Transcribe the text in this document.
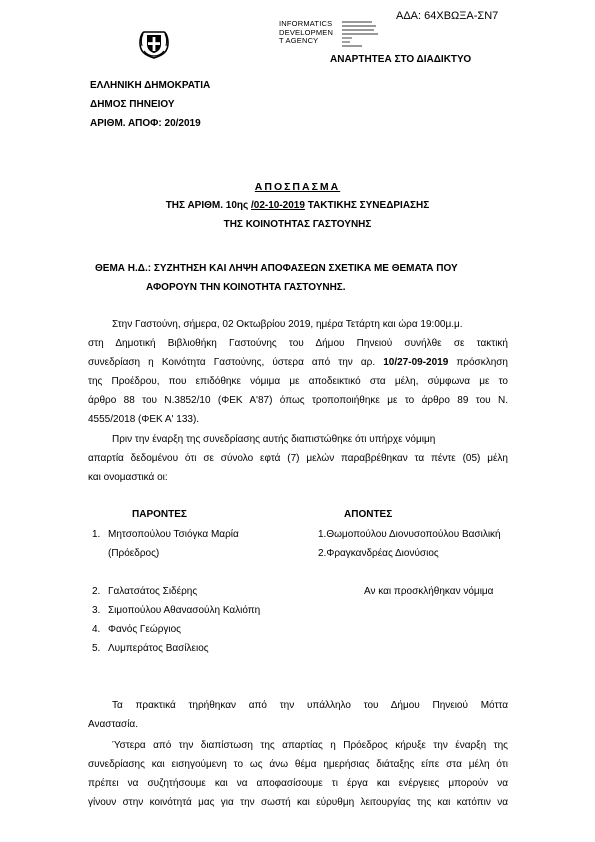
ΑΔΑ: 64ΧΒΩΞΑ-ΣΝ7
INFORMATICS
DEVELOPMEN
T AGENCY
ΑΝΑΡΤΗΤΕΑ ΣΤΟ ΔΙΑΔΙΚΤΥΟ
ΕΛΛΗΝΙΚΗ ΔΗΜΟΚΡΑΤΙΑ
ΔΗΜΟΣ ΠΗΝΕΙΟΥ
ΑΡΙΘΜ. ΑΠΟΦ: 20/2019
ΑΠΟΣΠΑΣΜΑ
ΤΗΣ ΑΡΙΘΜ. 10ης /02-10-2019 ΤΑΚΤΙΚΗΣ ΣΥΝΕΔΡΙΑΣΗΣ
ΤΗΣ ΚΟΙΝΟΤΗΤΑΣ ΓΑΣΤΟΥΝΗΣ
ΘΕΜΑ Η.Δ.: ΣΥΖΗΤΗΣΗ ΚΑΙ ΛΗΨΗ ΑΠΟΦΑΣΕΩΝ ΣΧΕΤΙΚΑ ΜΕ ΘΕΜΑΤΑ ΠΟΥ
ΑΦΟΡΟΥΝ ΤΗΝ ΚΟΙΝΟΤΗΤΑ ΓΑΣΤΟΥΝΗΣ.
Στην Γαστούνη, σήμερα, 02 Οκτωβρίου 2019, ημέρα Τετάρτη και ώρα 19:00μ.μ.
στη Δημοτική Βιβλιοθήκη Γαστούνης του Δήμου Πηνειού συνήλθε σε τακτική
συνεδρίαση η Κοινότητα Γαστούνης, ύστερα από την αρ. 10/27-09-2019 πρόσκληση
της Προέδρου, που επιδόθηκε νόμιμα με αποδεικτικό στα μέλη, σύμφωνα με το
άρθρο 88 του Ν.3852/10 (ΦΕΚ Α'87) όπως τροποποιήθηκε με το άρθρο 89 του Ν.
4555/2018 (ΦΕΚ Α' 133).
Πριν την έναρξη της συνεδρίασης αυτής διαπιστώθηκε ότι υπήρχε νόμιμη
απαρτία δεδομένου ότι σε σύνολο εφτά (7) μελών παραβρέθηκαν τα πέντε (05) μέλη
και ονομαστικά οι:
ΠΑΡΟΝΤΕΣ	ΑΠΟΝΤΕΣ
1. Μητσοπούλου Τσιόγκα Μαρία	1.Θωμοπούλου Διονυσοπούλου Βασιλική
(Πρόεδρος)	2.Φραγκανδρέας Διονύσιος
2. Γαλατσάτος Σιδέρης	Αν και προσκλήθηκαν νόμιμα
3. Σιμοπούλου Αθανασούλη Καλιόπη
4. Φανός Γεώργιος
5. Λυμπεράτος Βασίλειος
Τα πρακτικά τηρήθηκαν από την υπάλληλο του Δήμου Πηνειού Μόττα
Αναστασία.
Ύστερα από την διαπίστωση της απαρτίας η Πρόεδρος κήρυξε την έναρξη της
συνεδρίασης και εισηγούμενη το ως άνω θέμα ημερήσιας διάταξης είπε στα μέλη ότι
πρέπει να συζητήσουμε και να αποφασίσουμε τι έργα και ενέργειες μπορούν να
γίνουν στην κοινότητά μας για την σωστή και εύρυθμη λειτουργίας της και κατόπιν να
